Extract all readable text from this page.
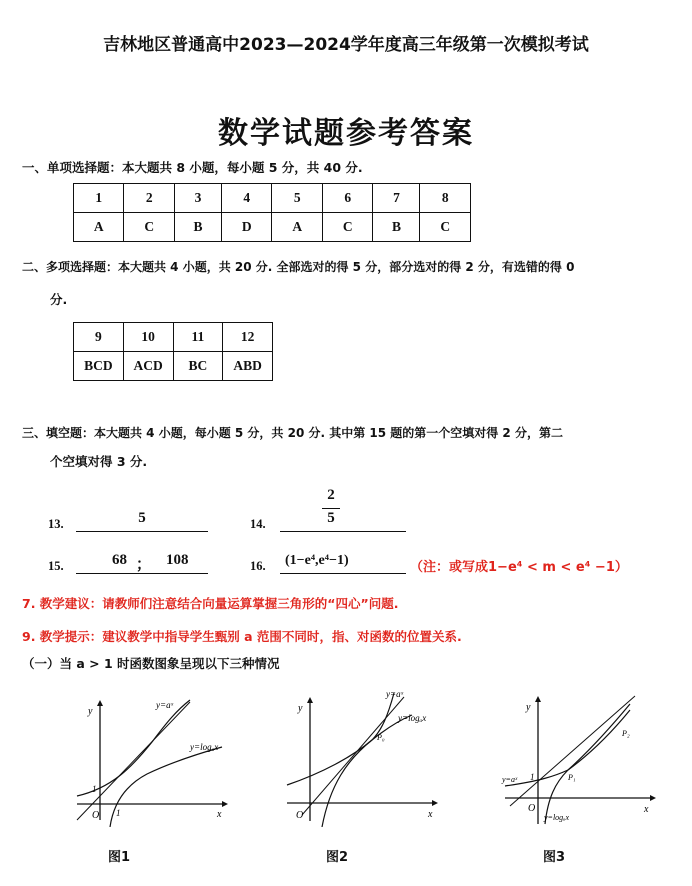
吉林地区普通高中2023—2024学年度高三年级第一次模拟考试
数学试题参考答案
一、单项选择题：本大题共 8 小题，每小题 5 分，共 40 分.
1	2	3	4	5	6	7	8
A	C	B	D	A	C	B	C
二、多项选择题：本大题共 4 小题，共 20 分. 全部选对的得 5 分，部分选对的得 2 分，有选错的得 0
分.
9	10	11	12
BCD	ACD	BC	ABD
三、填空题：本大题共 4 小题，每小题 5 分，共 20 分. 其中第 15 题的第一个空填对得 2 分，第二
个空填对得 3 分.
13.	5	14.
2
5
15.	68 ； 108	16. (1−e⁴,e⁴−1)	（注：或写成1−e⁴ < m < e⁴ −1）
7. 教学建议：请教师们注意结合向量运算掌握三角形的“四心”问题.
9. 教学提示：建议教学中指导学生甄别 a 范围不同时，指、对函数的位置关系.
（一）当 a > 1 时函数图象呈现以下三种情况
y
x
O
1
1
y=aˣ
y=logₐx
图1
y
x
O
y=aˣ
y=logₐx
P₀
图2
y
x
O
1
y=aˣ
y=logₐx
P₁
P₂
图3
